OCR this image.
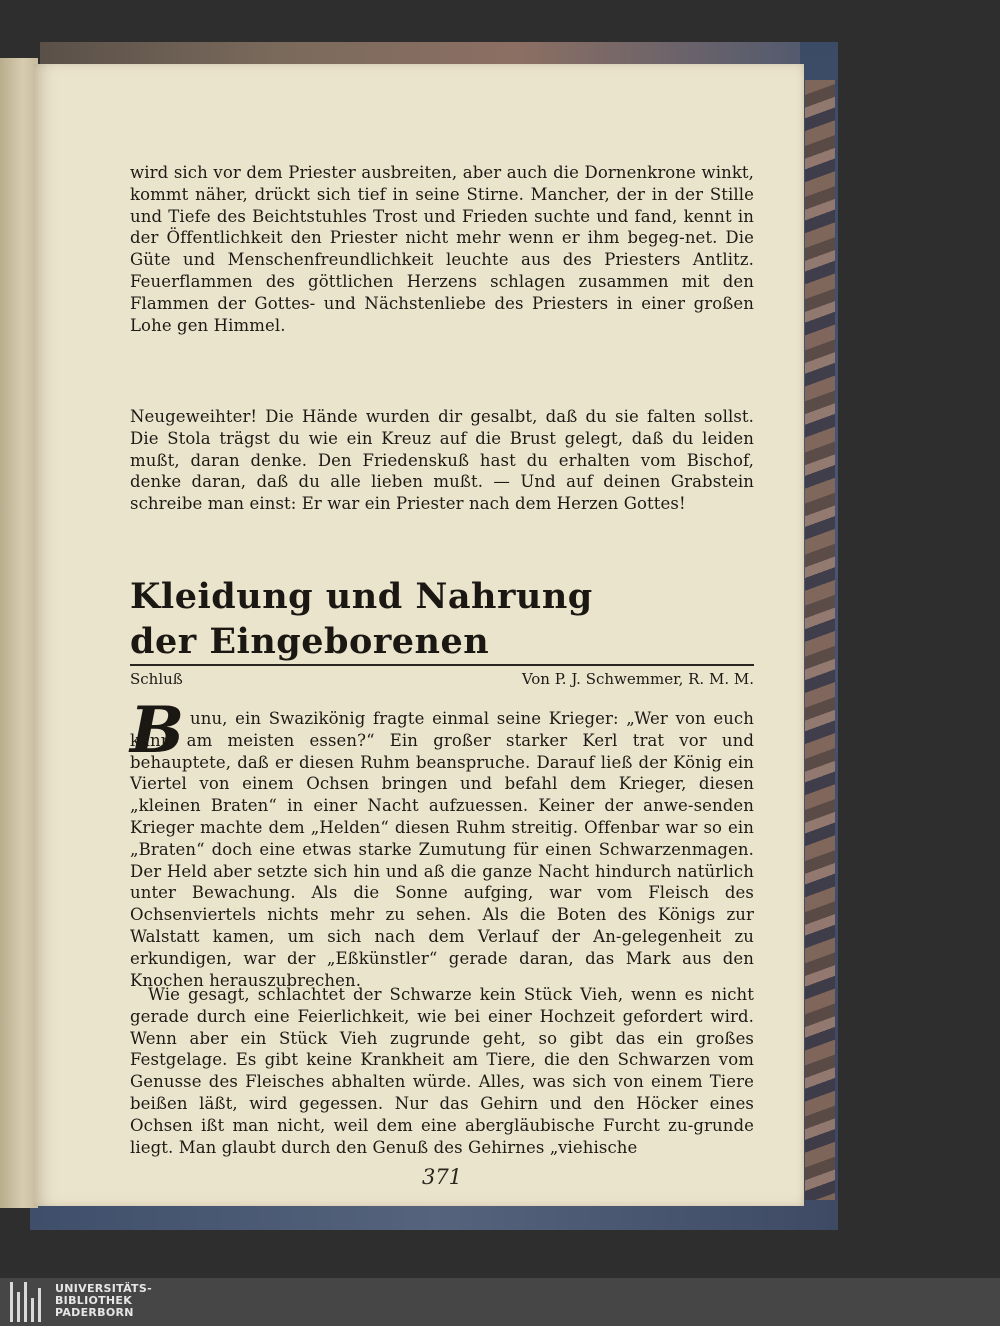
wird sich vor dem Priester ausbreiten, aber auch die Dornenkrone winkt, kommt näher, drückt sich tief in seine Stirne. Mancher, der in der Stille und Tiefe des Beichtstuhles Trost und Frieden suchte und fand, kennt in der Öffentlichkeit den Priester nicht mehr wenn er ihm begeg-net. Die Güte und Menschenfreundlichkeit leuchte aus des Priesters Antlitz. Feuerflammen des göttlichen Herzens schlagen zusammen mit den Flammen der Gottes- und Nächstenliebe des Priesters in einer großen Lohe gen Himmel.

Neugeweihter! Die Hände wurden dir gesalbt, daß du sie falten sollst. Die Stola trägst du wie ein Kreuz auf die Brust gelegt, daß du leiden mußt, daran denke. Den Friedenskuß hast du erhalten vom Bischof, denke daran, daß du alle lieben mußt. — Und auf deinen Grabstein schreibe man einst: Er war ein Priester nach dem Herzen Gottes!

Kleidung und Nahrung der Eingeborenen
Schluß	Von P. J. Schwemmer, R. M. M.
B unu, ein Swazikönig fragte einmal seine Krieger: „Wer von euch kann am meisten essen?“ Ein großer starker Kerl trat vor und behauptete, daß er diesen Ruhm beanspruche. Darauf ließ der König ein Viertel von einem Ochsen bringen und befahl dem Krieger, diesen „kleinen Braten“ in einer Nacht aufzuessen. Keiner der anwe-senden Krieger machte dem „Helden“ diesen Ruhm streitig. Offenbar war so ein „Braten“ doch eine etwas starke Zumutung für einen Schwarzenmagen. Der Held aber setzte sich hin und aß die ganze Nacht hindurch natürlich unter Bewachung. Als die Sonne aufging, war vom Fleisch des Ochsenviertels nichts mehr zu sehen. Als die Boten des Königs zur Walstatt kamen, um sich nach dem Verlauf der An-gelegenheit zu erkundigen, war der „Eßkünstler“ gerade daran, das Mark aus den Knochen herauszubrechen.

Wie gesagt, schlachtet der Schwarze kein Stück Vieh, wenn es nicht gerade durch eine Feierlichkeit, wie bei einer Hochzeit gefordert wird. Wenn aber ein Stück Vieh zugrunde geht, so gibt das ein großes Festgelage. Es gibt keine Krankheit am Tiere, die den Schwarzen vom Genusse des Fleisches abhalten würde. Alles, was sich von einem Tiere beißen läßt, wird gegessen. Nur das Gehirn und den Höcker eines Ochsen ißt man nicht, weil dem eine abergläubische Furcht zu-grunde liegt. Man glaubt durch den Genuß des Gehirnes „viehische

371
UNIVERSITÄTS-
BIBLIOTHEK
PADERBORN
